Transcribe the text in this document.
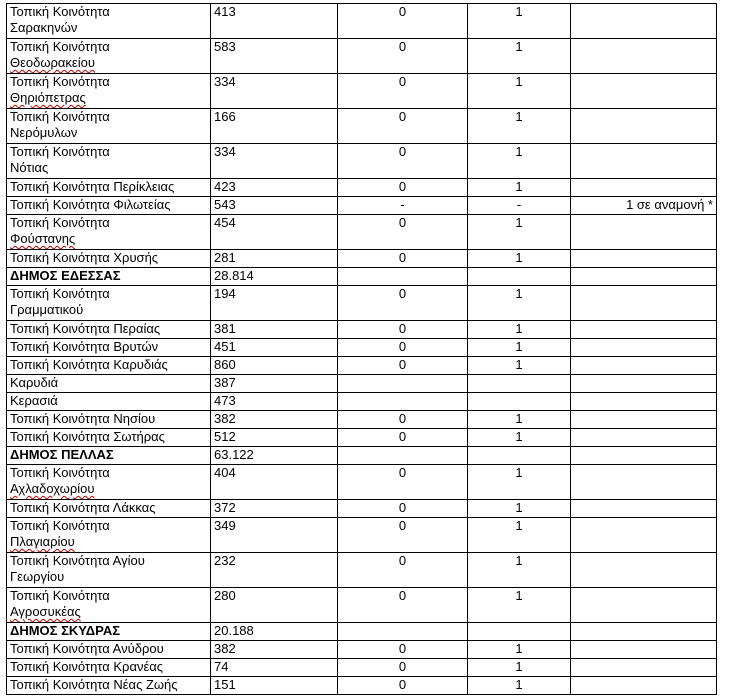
Τοπική Κοινότητα
Σαρακηνών	413	0	1	

Τοπική Κοινότητα
Θεοδωρακείου	583	0	1	

Τοπική Κοινότητα
Θηριόπετρας	334	0	1	

Τοπική Κοινότητα
Νερόμυλων	166	0	1	

Τοπική Κοινότητα
Νότιας	334	0	1	

Τοπική Κοινότητα Περίκλειας	423	0	1	

Τοπική Κοινότητα Φιλωτείας	543	-	-	1 σε αναμονή *

Τοπική Κοινότητα
Φούστανης	454	0	1	

Τοπική Κοινότητα Χρυσής	281	0	1	

ΔΗΜΟΣ ΕΔΕΣΣΑΣ	28.814			

Τοπική Κοινότητα
Γραμματικού	194	0	1	

Τοπική Κοινότητα Περαίας	381	0	1	

Τοπική Κοινότητα Βρυτών	451	0	1	

Τοπική Κοινότητα Καρυδιάς	860	0	1	

Καρυδιά	387			

Κερασιά	473			

Τοπική Κοινότητα Νησίου	382	0	1	

Τοπική Κοινότητα Σωτήρας	512	0	1	

ΔΗΜΟΣ ΠΕΛΛΑΣ	63.122			

Τοπική Κοινότητα
Αχλαδοχωρίου	404	0	1	

Τοπική Κοινότητα Λάκκας	372	0	1	

Τοπική Κοινότητα
Πλαγιαρίου	349	0	1	

Τοπική Κοινότητα Αγίου
Γεωργίου	232	0	1	

Τοπική Κοινότητα
Αγροσυκέας	280	0	1	

ΔΗΜΟΣ ΣΚΥΔΡΑΣ	20.188			

Τοπική Κοινότητα Ανύδρου	382	0	1	

Τοπική Κοινότητα Κρανέας	74	0	1	

Τοπική Κοινότητα Νέας Ζωής	151	0	1	
